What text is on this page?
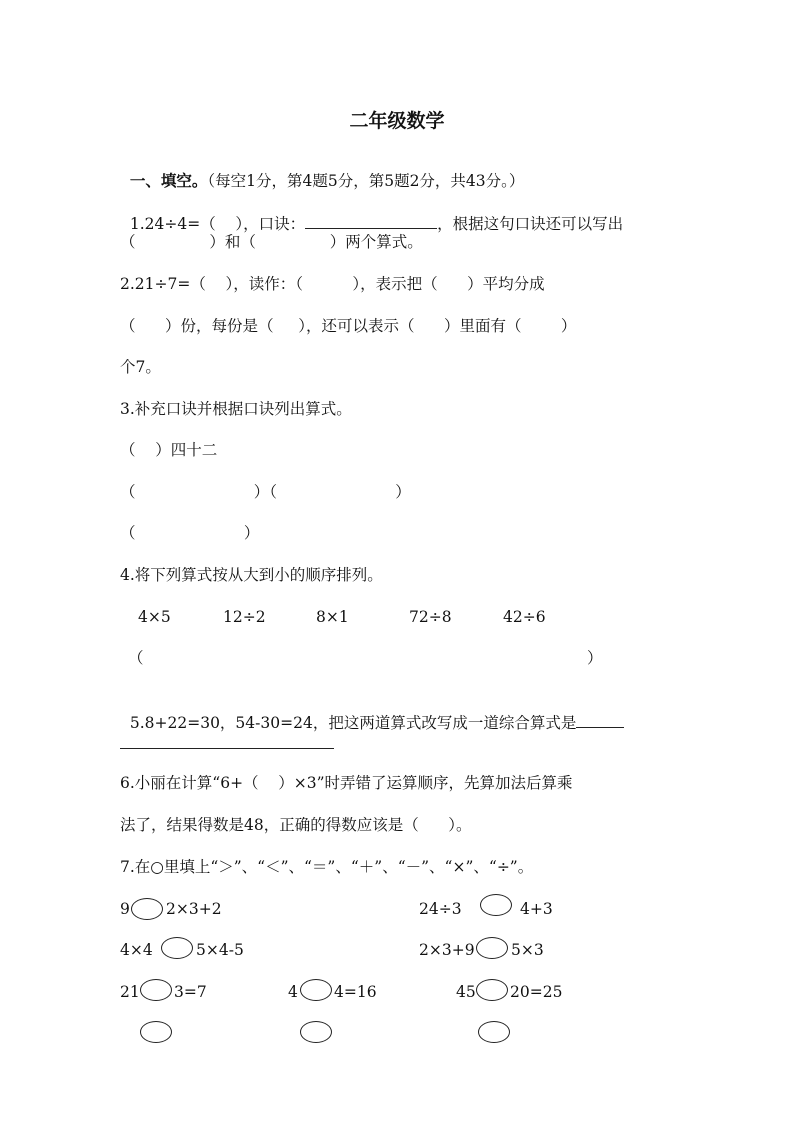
二年级数学

一、填空。（每空1分，第4题5分，第5题2分，共43分。）

1.24÷4=（    ），口诀：	，根据这句口诀还可以写出

（               ）和（               ）两个算式。
2.21÷7=（    ），读作：（          ），表示把（      ）平均分成
（      ）份，每份是（     ），还可以表示（      ）里面有（        ）
个7。
3.补充口诀并根据口诀列出算式。
（    ）四十二
（                        ）（                        ）
（                      ）
4.将下列算式按从大到小的顺序排列。
4×5	12÷2	8×1	72÷8	42÷6
（	）

5.8+22=30，54-30=24，把这两道算式改写成一道综合算式是

6.小丽在计算“6+（    ）×3”时弄错了运算顺序，先算加法后算乘
法了，结果得数是48，正确的得数应该是（      ）。
7.在○里填上“＞”、“＜”、“＝”、“＋”、“－”、“×”、“÷”。
9 2×3+2	24÷3	4+3
4×4	5×4-5	2×3+9 5×3
21 3=7	4 4=16	45 20=25
